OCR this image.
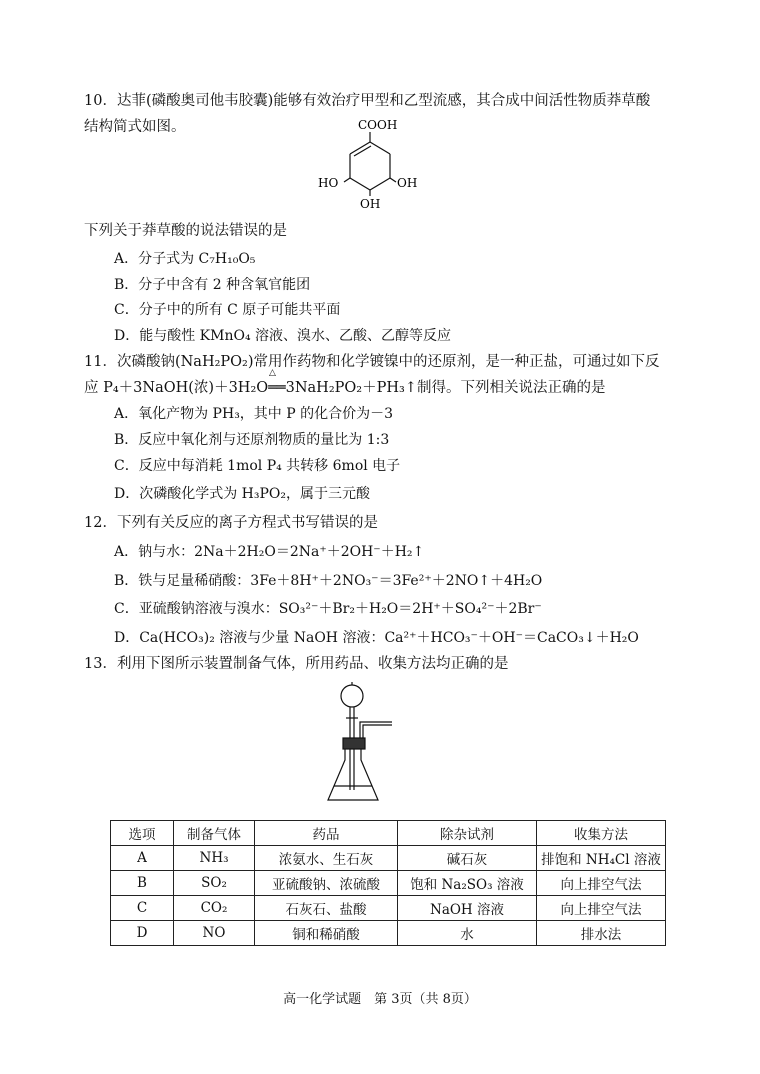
10．达菲(磷酸奥司他韦胶囊)能够有效治疗甲型和乙型流感，其合成中间活性物质莽草酸
结构简式如图。	COOH
HO	OH
OH
下列关于莽草酸的说法错误的是
A．分子式为 C₇H₁₀O₅
B．分子中含有 2 种含氧官能团
C．分子中的所有 C 原子可能共平面
D．能与酸性 KMnO₄ 溶液、溴水、乙酸、乙醇等反应
11．次磷酸钠(NaH₂PO₂)常用作药物和化学镀镍中的还原剂，是一种正盐，可通过如下反
应 P₄＋3NaOH(浓)＋3H₂O══3NaH₂PO₂＋PH₃↑制得。下列相关说法正确的是
△
A．氧化产物为 PH₃，其中 P 的化合价为－3
B．反应中氧化剂与还原剂物质的量比为 1:3
C．反应中每消耗 1mol P₄ 共转移 6mol 电子
D．次磷酸化学式为 H₃PO₂，属于三元酸
12．下列有关反应的离子方程式书写错误的是
A．钠与水：2Na＋2H₂O＝2Na⁺＋2OH⁻＋H₂↑
B．铁与足量稀硝酸：3Fe＋8H⁺＋2NO₃⁻＝3Fe²⁺＋2NO↑＋4H₂O
C．亚硫酸钠溶液与溴水：SO₃²⁻＋Br₂＋H₂O＝2H⁺＋SO₄²⁻＋2Br⁻
D．Ca(HCO₃)₂ 溶液与少量 NaOH 溶液：Ca²⁺＋HCO₃⁻＋OH⁻＝CaCO₃↓＋H₂O
13．利用下图所示装置制备气体，所用药品、收集方法均正确的是
选项	制备气体	药品	除杂试剂	收集方法
A	NH₃	浓氨水、生石灰	碱石灰	排饱和 NH₄Cl 溶液
B	SO₂	亚硫酸钠、浓硫酸	饱和 Na₂SO₃ 溶液	向上排空气法
C	CO₂	石灰石、盐酸	NaOH 溶液	向上排空气法
D	NO	铜和稀硝酸	水	排水法
高一化学试题　第 3页（共 8页）
